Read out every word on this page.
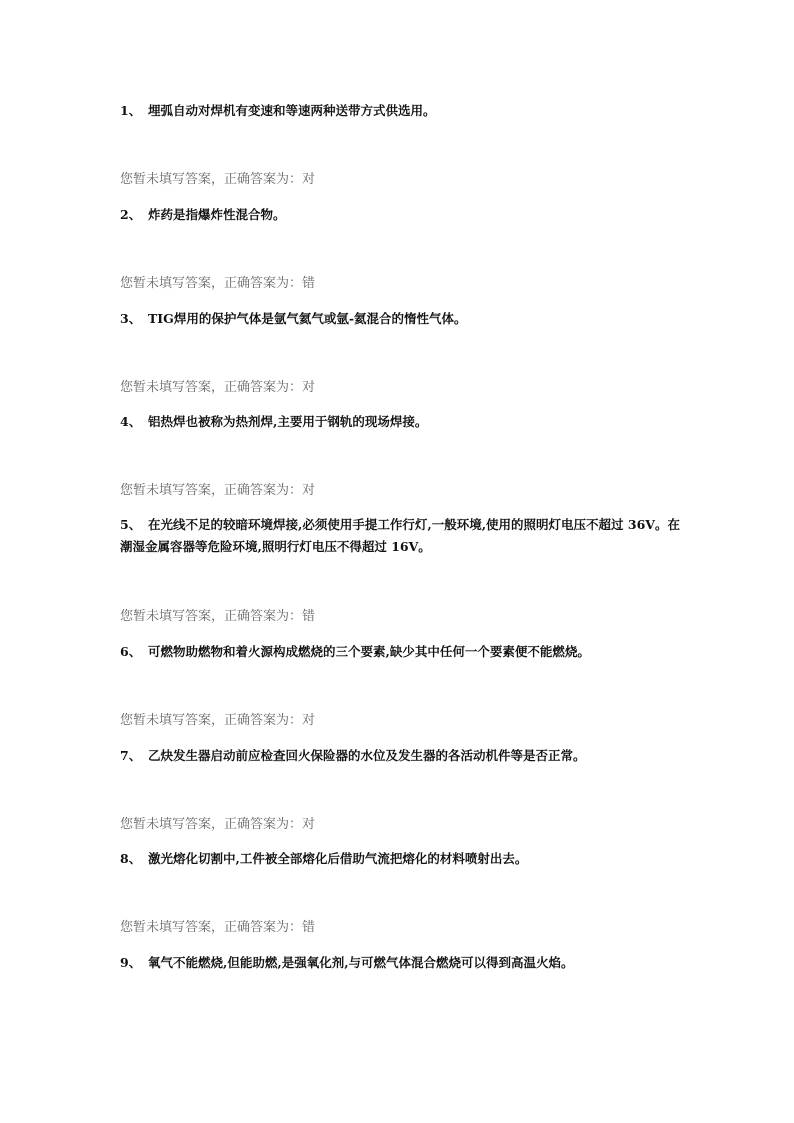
1、 埋弧自动对焊机有变速和等速两种送带方式供选用。
您暂未填写答案，正确答案为：对
2、 炸药是指爆炸性混合物。
您暂未填写答案，正确答案为：错
3、 TIG焊用的保护气体是氩气氦气或氩-氦混合的惰性气体。
您暂未填写答案，正确答案为：对
4、 铝热焊也被称为热剂焊,主要用于钢轨的现场焊接。
您暂未填写答案，正确答案为：对
5、 在光线不足的较暗环境焊接,必须使用手提工作行灯,一般环境,使用的照明灯电压不超过 36V。在潮湿金属容器等危险环境,照明行灯电压不得超过 16V。
您暂未填写答案，正确答案为：错
6、 可燃物助燃物和着火源构成燃烧的三个要素,缺少其中任何一个要素便不能燃烧。
您暂未填写答案，正确答案为：对
7、 乙炔发生器启动前应检查回火保险器的水位及发生器的各活动机件等是否正常。
您暂未填写答案，正确答案为：对
8、 激光熔化切割中,工件被全部熔化后借助气流把熔化的材料喷射出去。
您暂未填写答案，正确答案为：错
9、 氧气不能燃烧,但能助燃,是强氧化剂,与可燃气体混合燃烧可以得到高温火焰。
